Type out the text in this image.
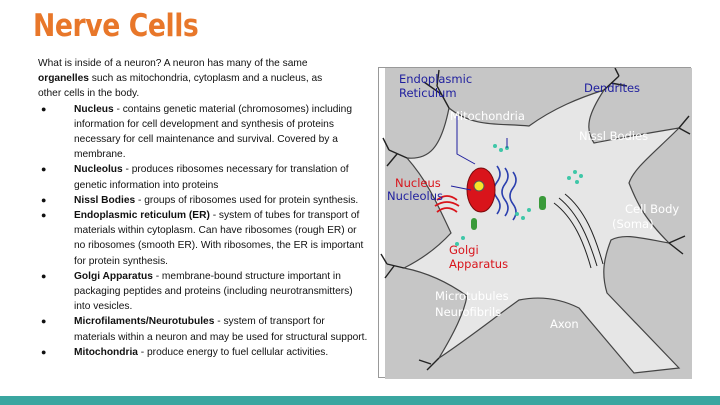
Nerve Cells
What is inside of a neuron? A neuron has many of the same
organelles such as mitochondria, cytoplasm and a nucleus, as
other cells in the body.
●	Nucleus - contains genetic material (chromosomes) including information for cell development and synthesis of proteins necessary for cell maintenance and survival. Covered by a membrane.
●	Nucleolus - produces ribosomes necessary for translation of genetic information into proteins
●	Nissl Bodies - groups of ribosomes used for protein synthesis.
●	Endoplasmic reticulum (ER) - system of tubes for transport of materials within cytoplasm. Can have ribosomes (rough ER) or no ribosomes (smooth ER). With ribosomes, the ER is important for protein synthesis.
●	Golgi Apparatus - membrane-bound structure important in packaging peptides and proteins (including neurotransmitters) into vesicles.
●	Microfilaments/Neurotubules - system of transport for materials within a neuron and may be used for structural support.
●	Mitochondria - produce energy to fuel cellular activities.
Endoplasmic
Reticulum	Dendrites
Mitochondria
Nissl Bodies
Nucleus
Nucleolus
Cell Body
(Soma)
Golgi
Apparatus
Microtubules
Neurofibrils
Axon
